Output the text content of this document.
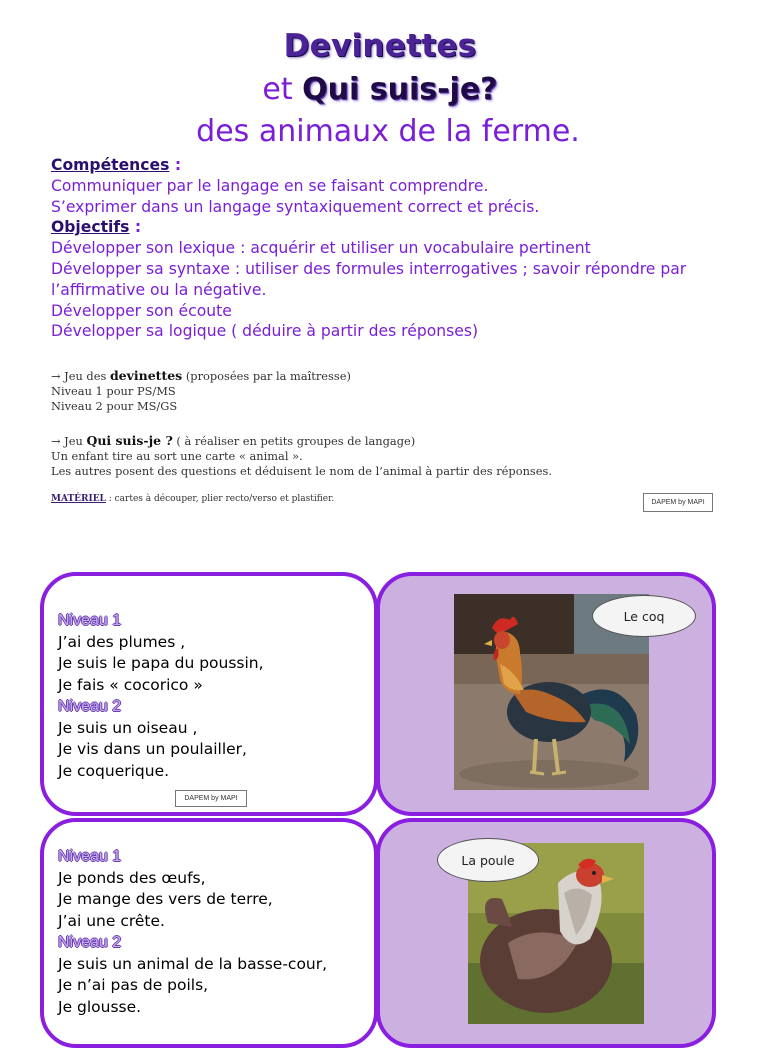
Devinettes
et Qui suis-je?
des animaux de la ferme.

Compétences :

Communiquer par le langage en se faisant comprendre.

S’exprimer dans un langage syntaxiquement correct et précis.

Objectifs :

Développer son lexique : acquérir et utiliser un vocabulaire pertinent

Développer sa syntaxe : utiliser des formules interrogatives ; savoir répondre par l’affirmative ou la négative.

Développer son écoute

Développer sa logique ( déduire à partir des réponses)

→ Jeu des devinettes (proposées par la maîtresse)

Niveau 1 pour PS/MS

Niveau 2 pour MS/GS

→ Jeu Qui suis-je ? ( à réaliser en petits groupes de langage)

Un enfant tire au sort une carte « animal ».

Les autres posent des questions et déduisent le nom de l’animal à partir des réponses.

MATÉRIEL : cartes à découper, plier recto/verso et plastifier.	DAPEM by MAPI

Niveau 1

J’ai des plumes ,

Je suis le papa du poussin,

Je fais « cocorico »

Niveau 2

Je suis un oiseau ,

Je vis dans un poulailler,

Je coquerique.

DAPEM by MAPI
Le coq

Niveau 1

Je ponds des œufs,

Je mange des vers de terre,

J’ai une crête.

Niveau 2

Je suis un animal de la basse-cour,

Je n’ai pas de poils,

Je glousse.

La poule
